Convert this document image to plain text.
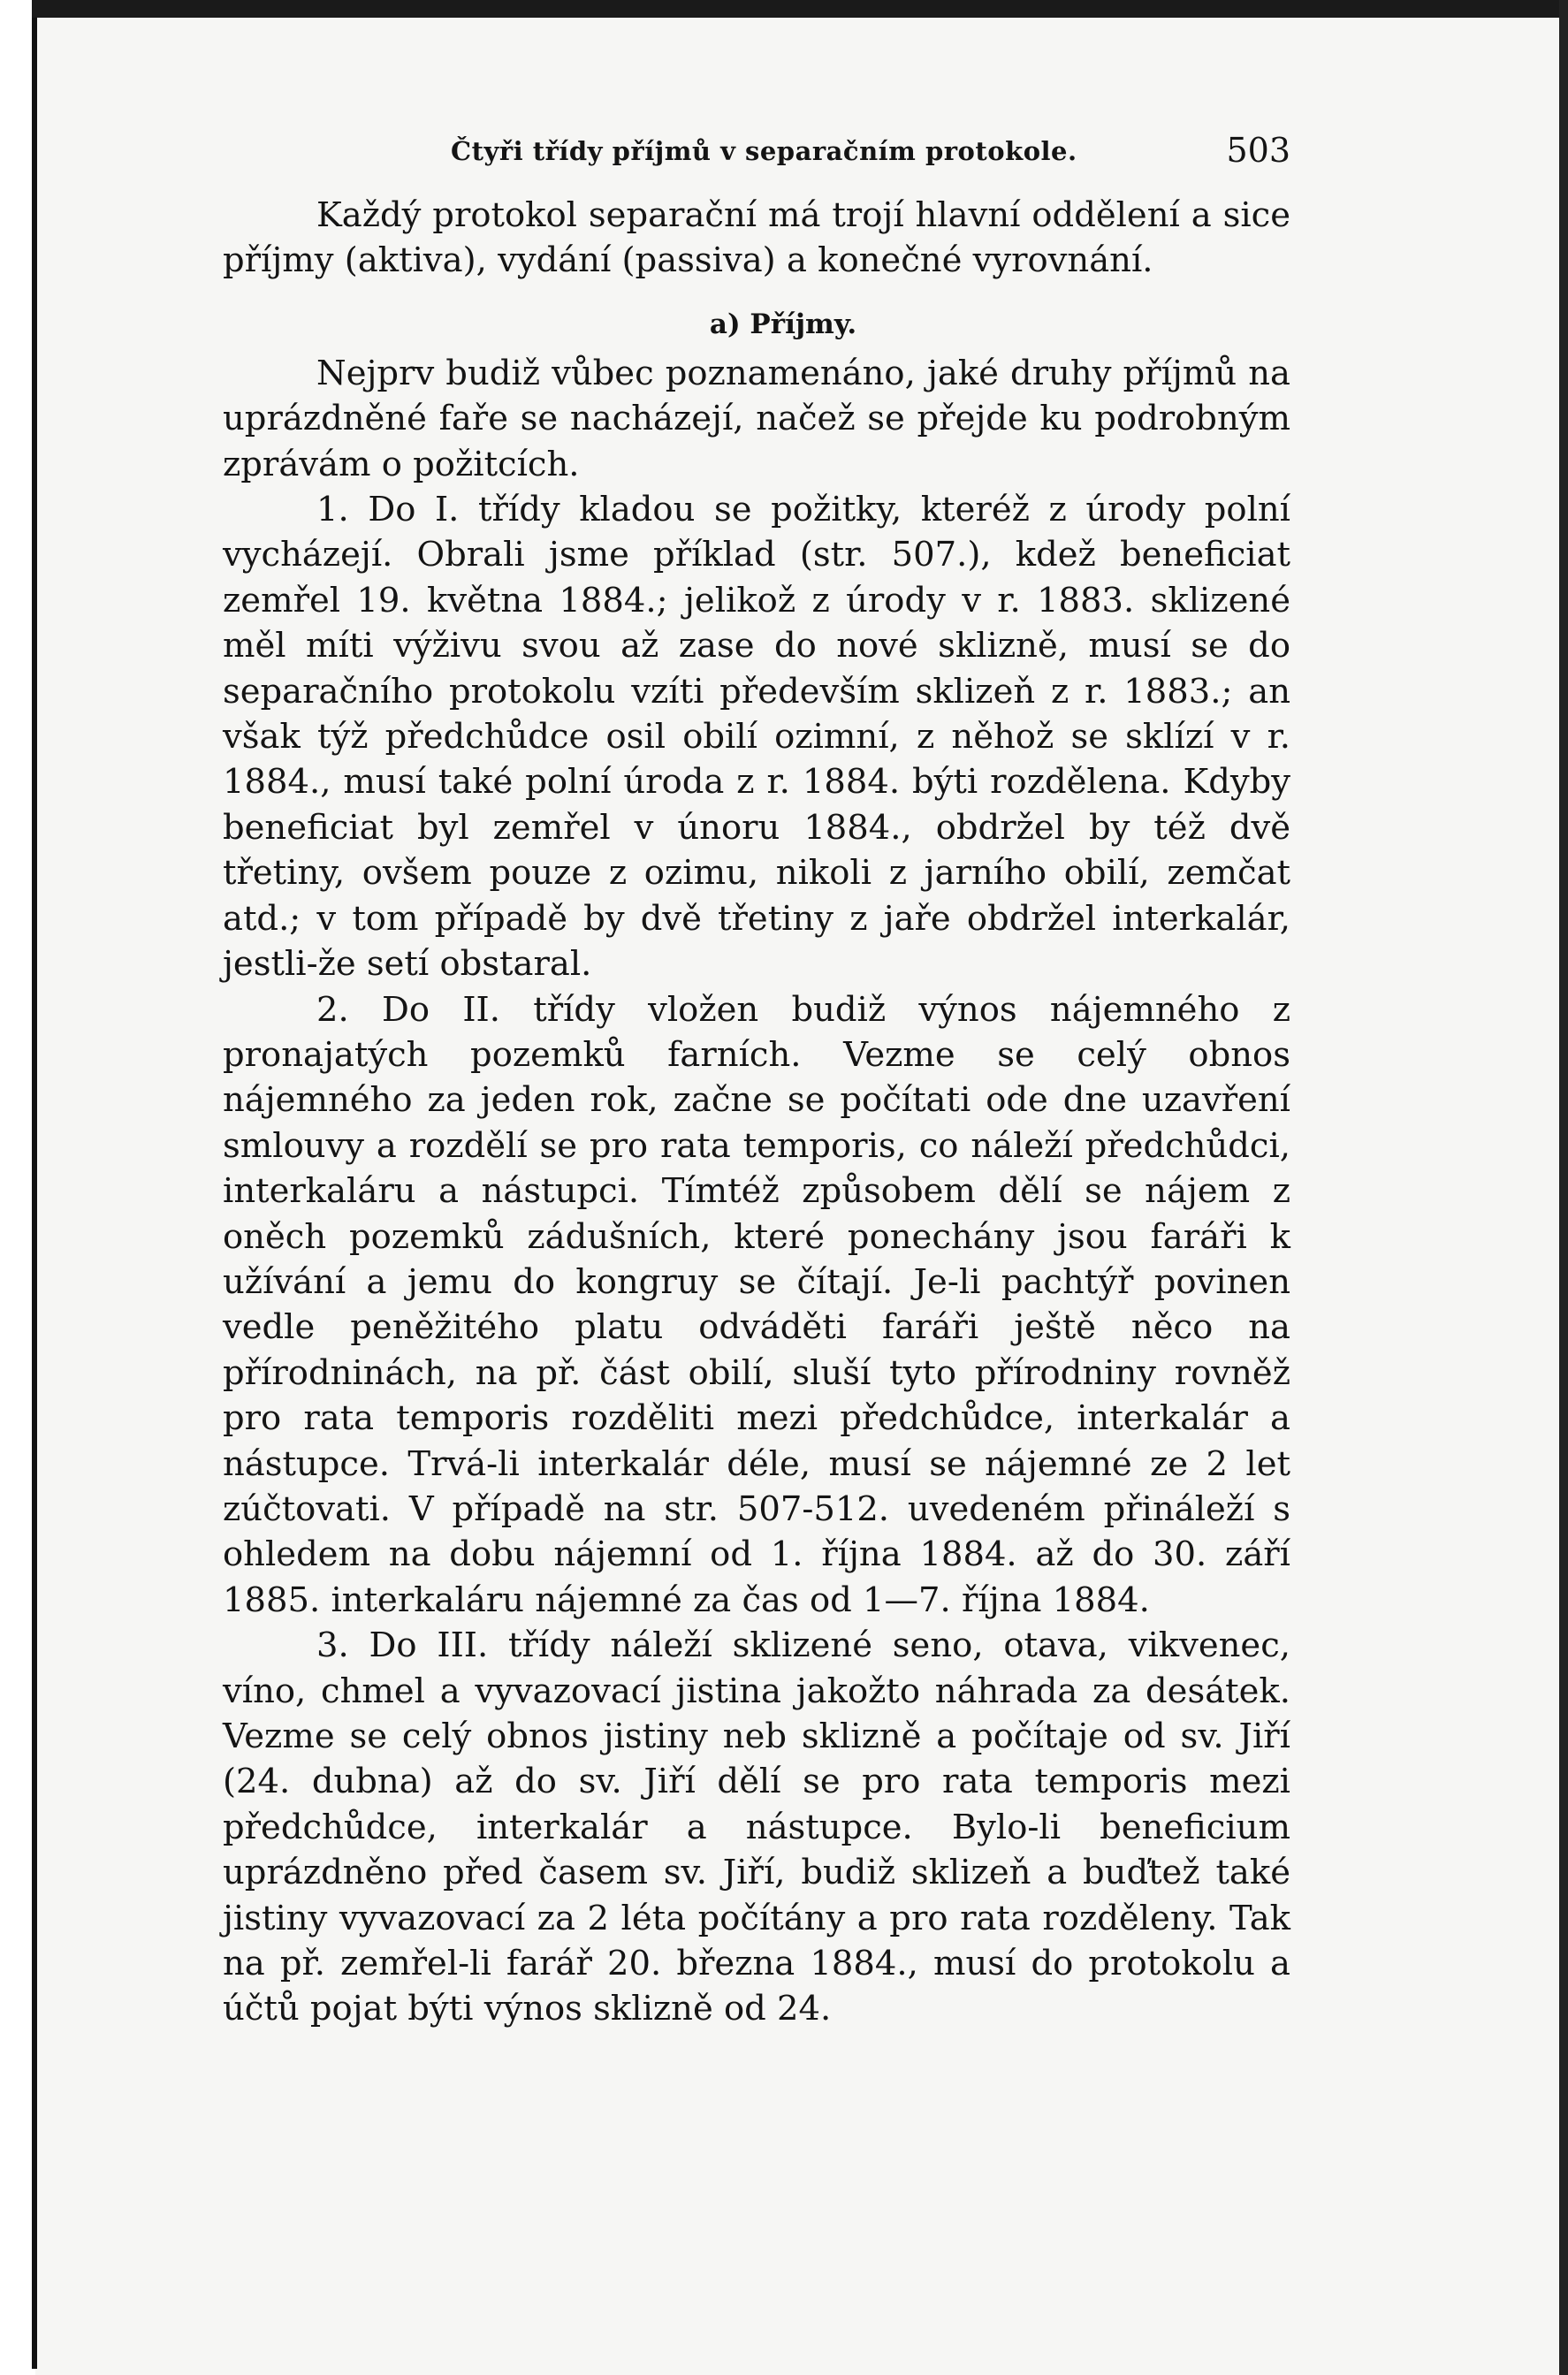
Čtyři třídy příjmů v separačním protokole.	503

Každý protokol separační má trojí hlavní oddělení a sice příjmy (aktiva), vydání (passiva) a konečné vyrovnání.

a) Příjmy.

Nejprv budiž vůbec poznamenáno, jaké druhy příjmů na uprázdněné faře se nacházejí, načež se přejde ku podrobným zprávám o požitcích.

1. Do I. třídy kladou se požitky, kteréž z úrody polní vycházejí. Obrali jsme příklad (str. 507.), kdež beneficiat zemřel 19. května 1884.; jelikož z úrody v r. 1883. sklizené měl míti výživu svou až zase do nové sklizně, musí se do separačního protokolu vzíti především sklizeň z r. 1883.; an však týž předchůdce osil obilí ozimní, z něhož se sklízí v r. 1884., musí také polní úroda z r. 1884. býti rozdělena. Kdyby beneficiat byl zemřel v únoru 1884., obdržel by též dvě třetiny, ovšem pouze z ozimu, nikoli z jarního obilí, zemčat atd.; v tom případě by dvě třetiny z jaře obdržel interkalár, jestli-že setí obstaral.

2. Do II. třídy vložen budiž výnos nájemného z pronajatých pozemků farních. Vezme se celý obnos nájemného za jeden rok, začne se počítati ode dne uzavření smlouvy a rozdělí se pro rata temporis, co náleží předchůdci, interkaláru a nástupci. Tímtéž způsobem dělí se nájem z oněch pozemků zádušních, které ponechány jsou faráři k užívání a jemu do kongruy se čítají. Je-li pachtýř povinen vedle peněžitého platu odváděti faráři ještě něco na přírodninách, na př. část obilí, sluší tyto přírodniny rovněž pro rata temporis rozděliti mezi předchůdce, interkalár a nástupce. Trvá-li interkalár déle, musí se nájemné ze 2 let zúčtovati. V případě na str. 507-512. uvedeném přináleží s ohledem na dobu nájemní od 1. října 1884. až do 30. září 1885. interkaláru nájemné za čas od 1—7. října 1884.

3. Do III. třídy náleží sklizené seno, otava, vikvenec, víno, chmel a vyvazovací jistina jakožto náhrada za desátek. Vezme se celý obnos jistiny neb sklizně a počítaje od sv. Jiří (24. dubna) až do sv. Jiří dělí se pro rata temporis mezi předchůdce, interkalár a nástupce. Bylo-li beneficium uprázdněno před časem sv. Jiří, budiž sklizeň a buďtež také jistiny vyvazovací za 2 léta počítány a pro rata rozděleny. Tak na př. zemřel-li farář 20. března 1884., musí do protokolu a účtů pojat býti výnos sklizně od 24.
